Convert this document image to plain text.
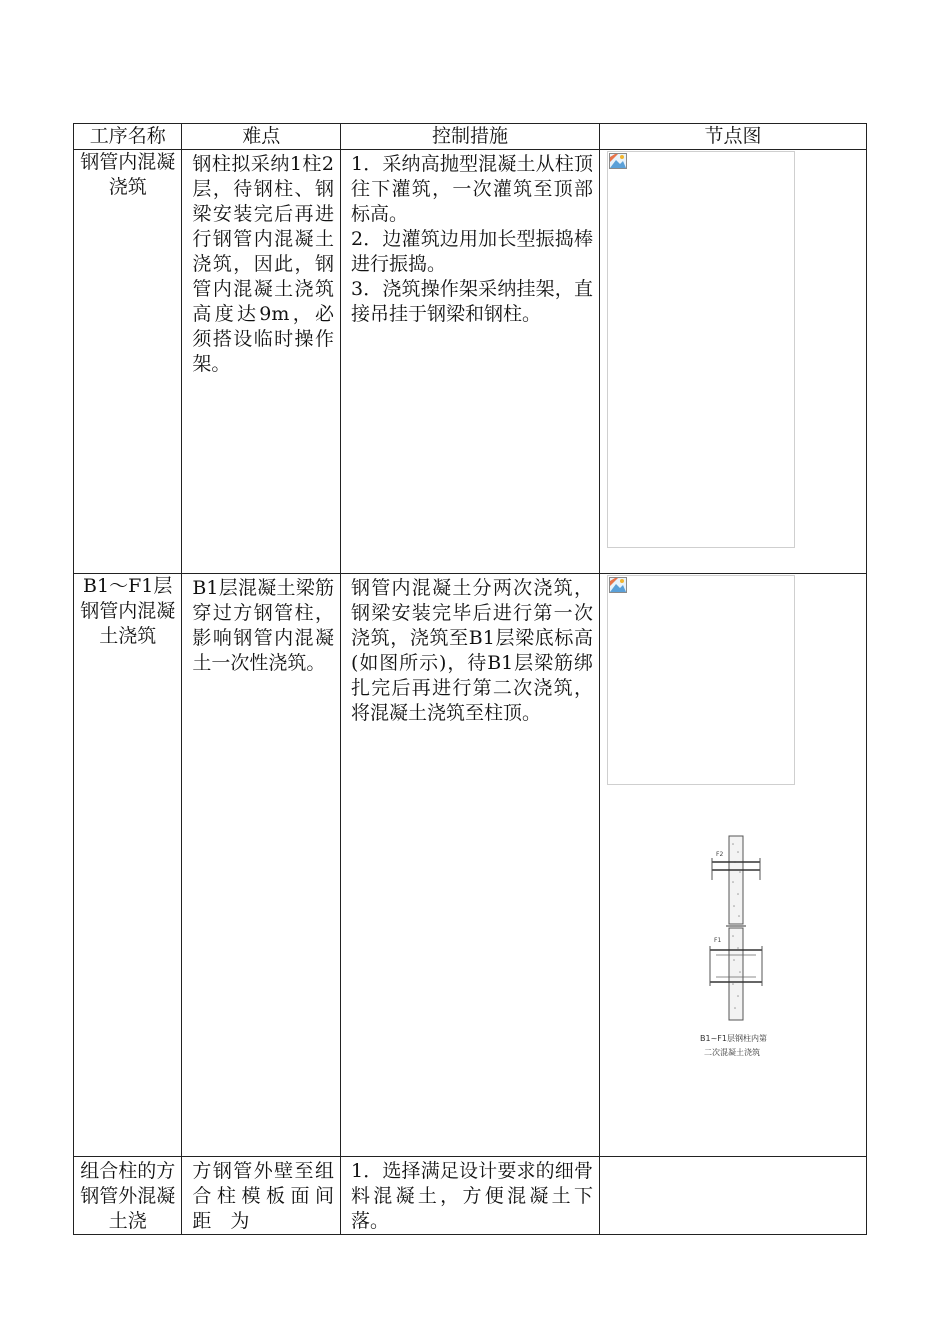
工序名称	难点	控制措施	节点图
钢管内混凝浇筑	钢柱拟采纳1柱2层，待钢柱、钢梁安装完后再进行钢管内混凝土浇筑，因此，钢管内混凝土浇筑高度达9m，必须搭设临时操作架。	1．采纳高抛型混凝土从柱顶往下灌筑，一次灌筑至顶部标高。
2．边灌筑边用加长型振捣棒进行振捣。
3．浇筑操作架采纳挂架，直接吊挂于钢梁和钢柱。

B1～F1层钢管内混凝土浇筑	B1层混凝土梁筋穿过方钢管柱，影响钢管内混凝土一次性浇筑。	钢管内混凝土分两次浇筑，钢梁安装完毕后进行第一次浇筑，浇筑至B1层梁底标高(如图所示)，待B1层梁筋绑扎完后再进行第二次浇筑，将混凝土浇筑至柱顶。	F2
F1
B1~F1层钢柱内第
二次混凝土浇筑

组合柱的方钢管外混凝土浇	方钢管外壁至组合柱模板面间　距　为	1．选择满足设计要求的细骨料混凝土，方便混凝土下落。	
